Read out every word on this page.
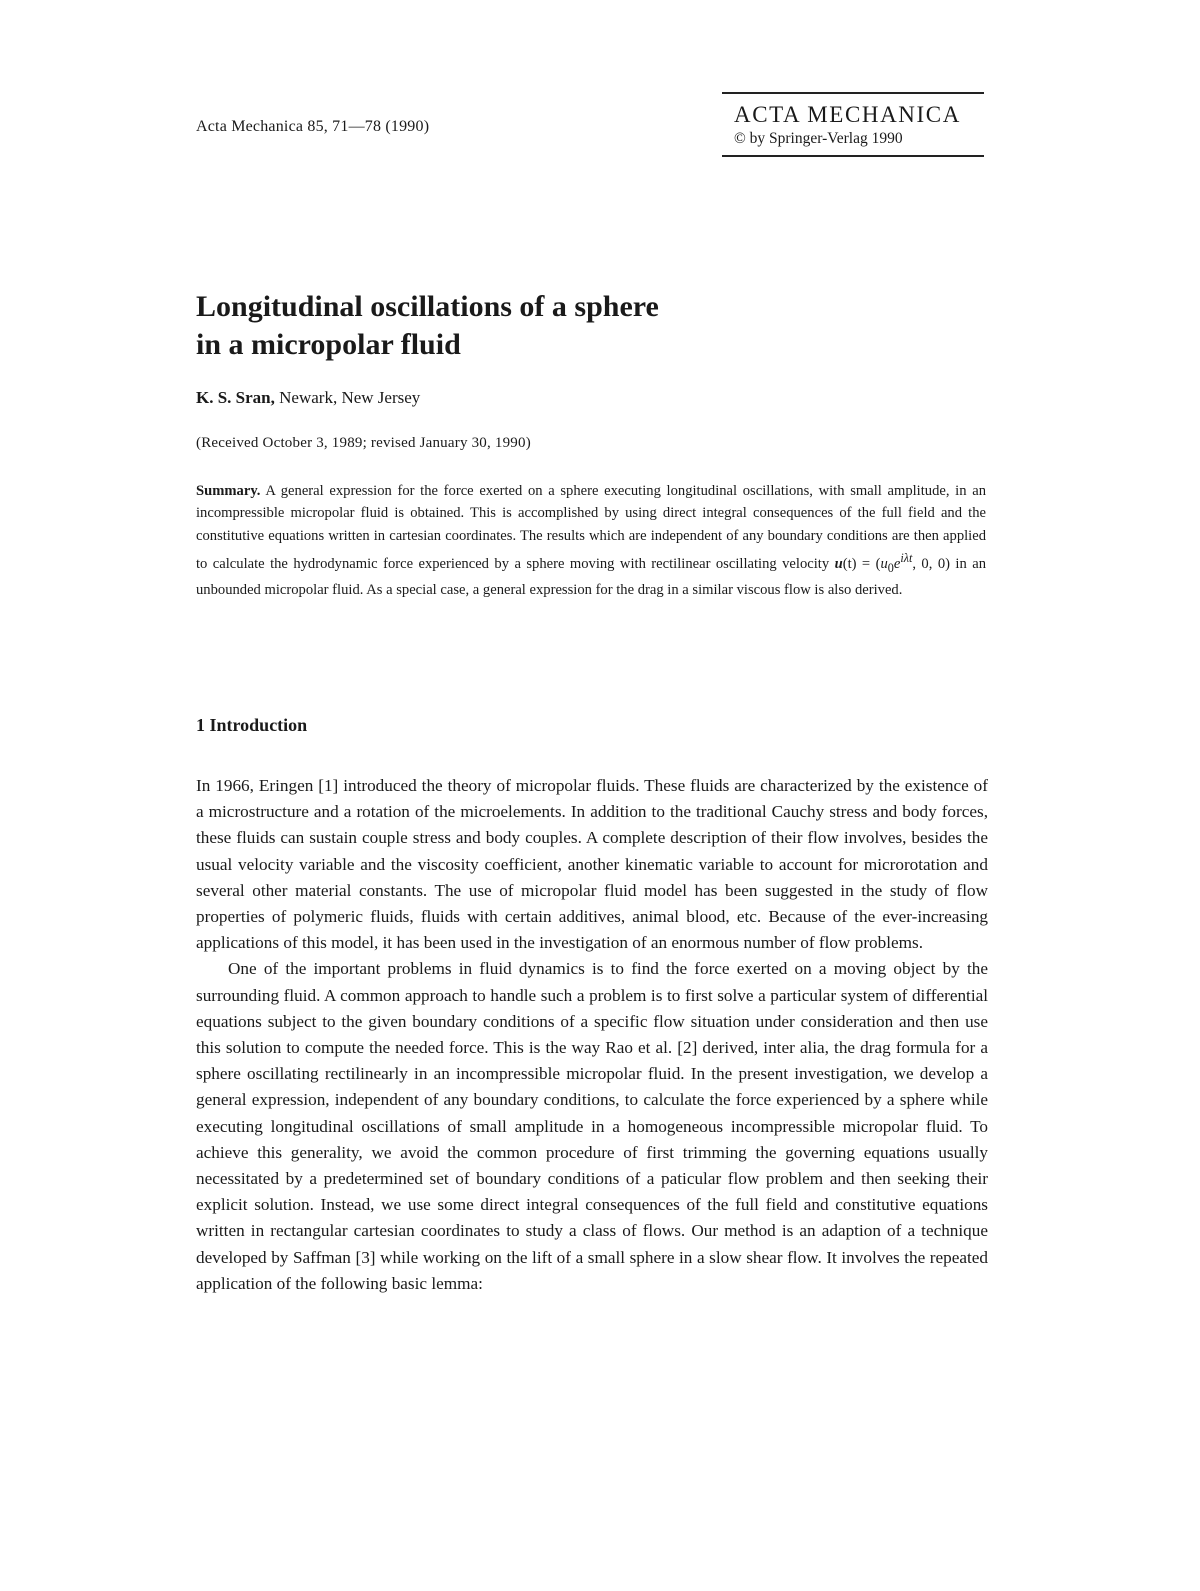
Acta Mechanica 85, 71—78 (1990)	ACTA MECHANICA
© by Springer-Verlag 1990
Longitudinal oscillations of a sphere
in a micropolar fluid
K. S. Sran, Newark, New Jersey
(Received October 3, 1989; revised January 30, 1990)

Summary. A general expression for the force exerted on a sphere executing longitudinal oscillations, with small amplitude, in an incompressible micropolar fluid is obtained. This is accomplished by using direct integral consequences of the full field and the constitutive equations written in cartesian coordinates. The results which are independent of any boundary conditions are then applied to calculate the hydrodynamic force experienced by a sphere moving with rectilinear oscillating velocity $u(t) = (u_0e^{i\lambda t}$, 0, 0) in an unbounded micropolar fluid. As a special case, a general expression for the drag in a similar viscous flow is also derived.

1 Introduction

In 1966, Eringen [1] introduced the theory of micropolar fluids. These fluids are characterized by the existence of a microstructure and a rotation of the microelements. In addition to the traditional Cauchy stress and body forces, these fluids can sustain couple stress and body couples. A complete description of their flow involves, besides the usual velocity variable and the viscosity coefficient, another kinematic variable to account for microrotation and several other material constants. The use of micropolar fluid model has been suggested in the study of flow properties of polymeric fluids, fluids with certain additives, animal blood, etc. Because of the ever-increasing applications of this model, it has been used in the investigation of an enormous number of flow problems.

One of the important problems in fluid dynamics is to find the force exerted on a moving object by the surrounding fluid. A common approach to handle such a problem is to first solve a particular system of differential equations subject to the given boundary conditions of a specific flow situation under consideration and then use this solution to compute the needed force. This is the way Rao et al. [2] derived, inter alia, the drag formula for a sphere oscillating rectilinearly in an incompressible micropolar fluid. In the present investigation, we develop a general expression, independent of any boundary conditions, to calculate the force experienced by a sphere while executing longitudinal oscillations of small amplitude in a homogeneous incompressible micropolar fluid. To achieve this generality, we avoid the common procedure of first trimming the governing equations usually necessitated by a predetermined set of boundary conditions of a paticular flow problem and then seeking their explicit solution. Instead, we use some direct integral consequences of the full field and constitutive equations written in rectangular cartesian coordinates to study a class of flows. Our method is an adaption of a technique developed by Saffman [3] while working on the lift of a small sphere in a slow shear flow. It involves the repeated application of the following basic lemma:
